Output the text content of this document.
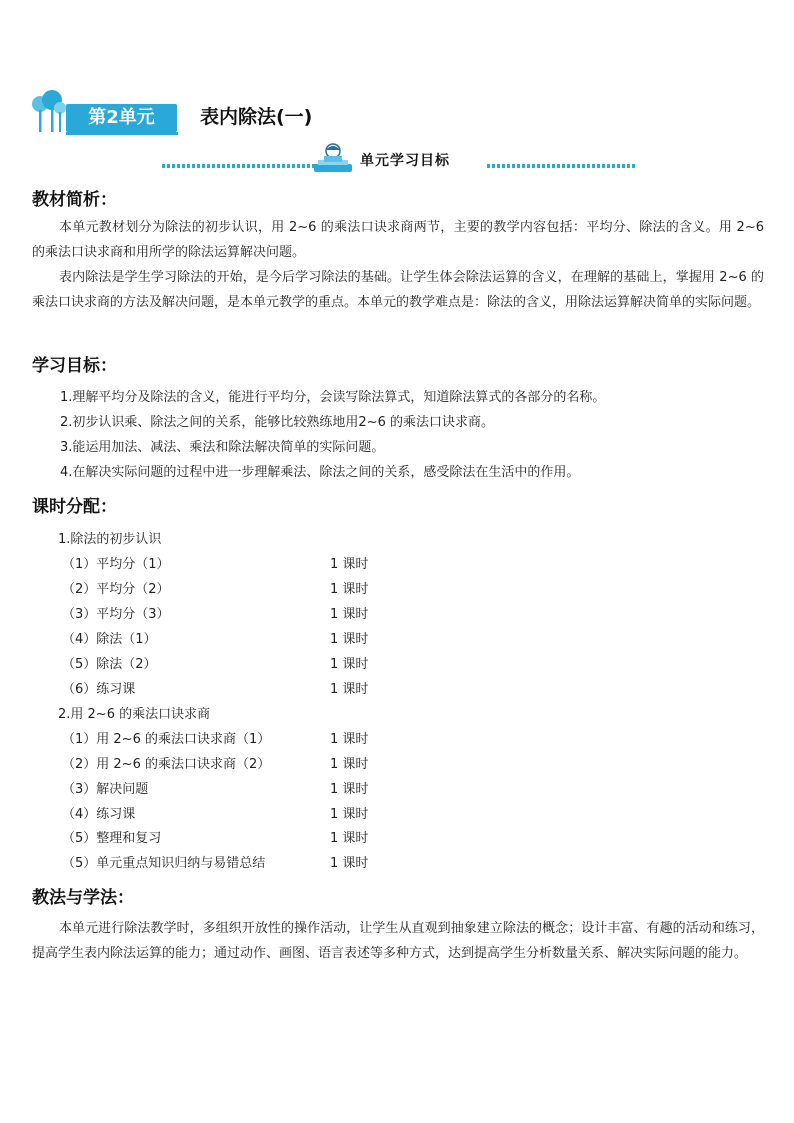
第2单元	表内除法(一)
单元学习目标
教材简析：

本单元教材划分为除法的初步认识，用 2~6 的乘法口诀求商两节，主要的教学内容包括：平均分、除法的含义。用 2~6 的乘法口诀求商和用所学的除法运算解决问题。

表内除法是学生学习除法的开始，是今后学习除法的基础。让学生体会除法运算的含义，在理解的基础上，掌握用 2~6 的乘法口诀求商的方法及解决问题，是本单元教学的重点。本单元的教学难点是：除法的含义，用除法运算解决简单的实际问题。

学习目标：
1.理解平均分及除法的含义，能进行平均分，会读写除法算式，知道除法算式的各部分的名称。
2.初步认识乘、除法之间的关系，能够比较熟练地用2~6 的乘法口诀求商。
3.能运用加法、减法、乘法和除法解决简单的实际问题。
4.在解决实际问题的过程中进一步理解乘法、除法之间的关系，感受除法在生活中的作用。
课时分配：
1.除法的初步认识
（1）平均分（1）	1 课时
（2）平均分（2）	1 课时
（3）平均分（3）	1 课时
（4）除法（1）	1 课时
（5）除法（2）	1 课时
（6）练习课	1 课时
2.用 2~6 的乘法口诀求商
（1）用 2~6 的乘法口诀求商（1）	1 课时
（2）用 2~6 的乘法口诀求商（2）	1 课时
（3）解决问题	1 课时
（4）练习课	1 课时
（5）整理和复习	1 课时
（5）单元重点知识归纳与易错总结	1 课时
教法与学法：

本单元进行除法教学时，多组织开放性的操作活动，让学生从直观到抽象建立除法的概念；设计丰富、有趣的活动和练习，提高学生表内除法运算的能力；通过动作、画图、语言表述等多种方式，达到提高学生分析数量关系、解决实际问题的能力。
